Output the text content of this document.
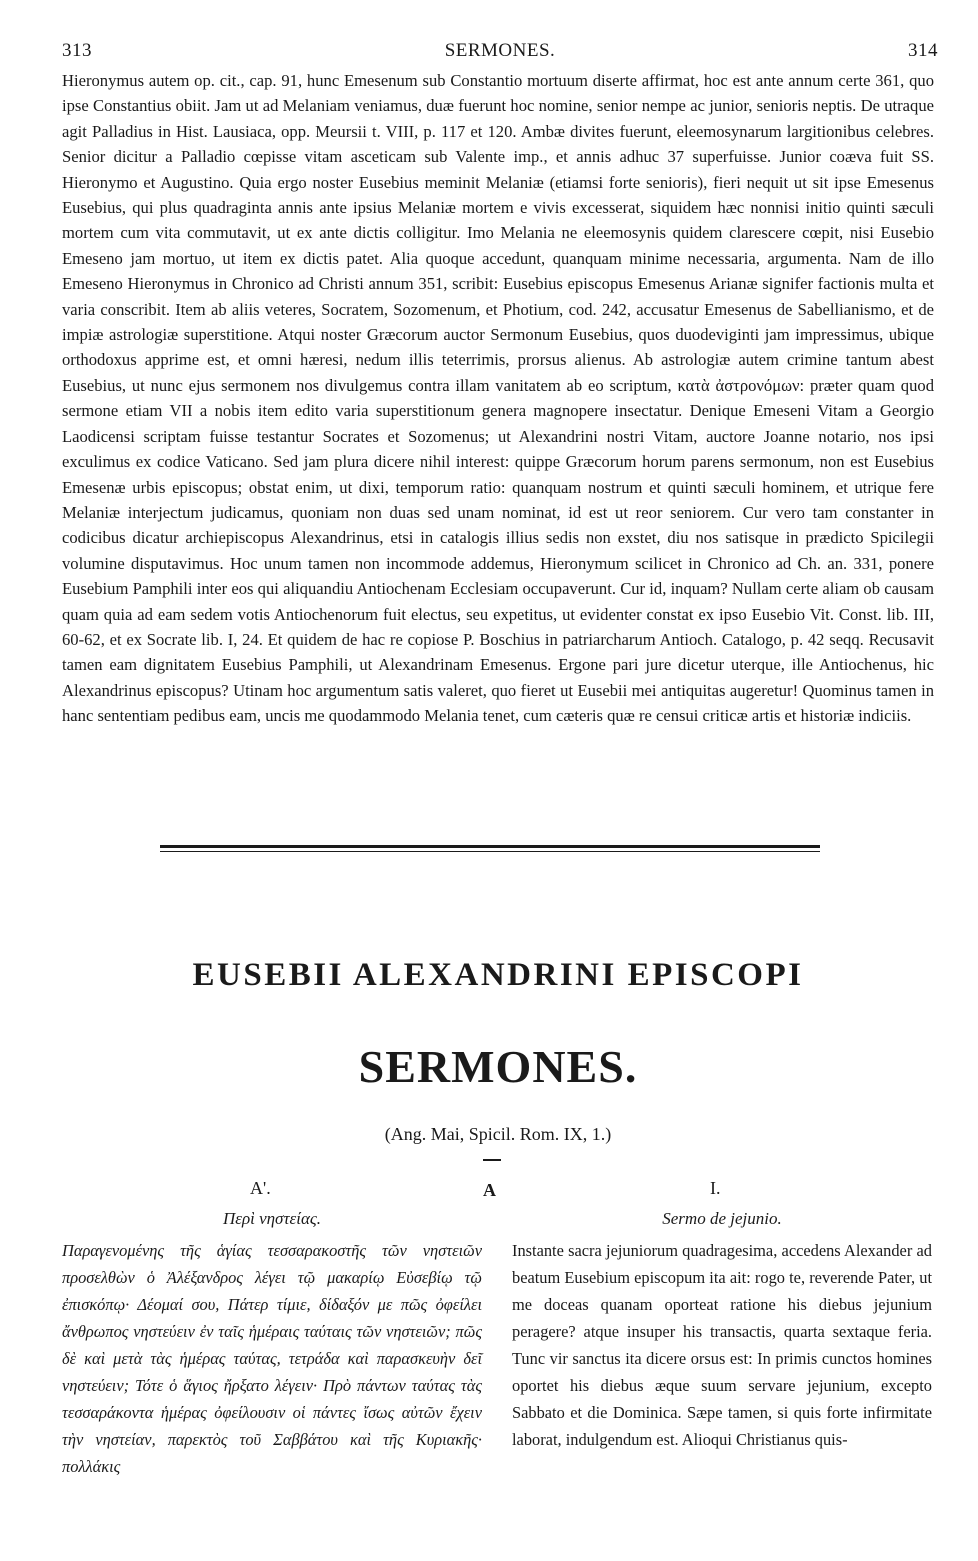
313	SERMONES.	314

Hieronymus autem op. cit., cap. 91, hunc Emesenum sub Constantio mortuum diserte affirmat, hoc est ante annum certe 361, quo ipse Constantius obiit. Jam ut ad Melaniam veniamus, duæ fuerunt hoc nomine, senior nempe ac junior, senioris neptis. De utraque agit Palladius in Hist. Lausiaca, opp. Meursii t. VIII, p. 117 et 120. Ambæ divites fuerunt, eleemosynarum largitionibus celebres. Senior dicitur a Palladio cœpisse vitam asceticam sub Valente imp., et annis adhuc 37 superfuisse. Junior coæva fuit SS. Hieronymo et Augustino. Quia ergo noster Eusebius meminit Melaniæ (etiamsi forte senioris), fieri nequit ut sit ipse Emesenus Eusebius, qui plus quadraginta annis ante ipsius Melaniæ mortem e vivis excesserat, siquidem hæc nonnisi initio quinti sæculi mortem cum vita commutavit, ut ex ante dictis colligitur. Imo Melania ne eleemosynis quidem clarescere cœpit, nisi Eusebio Emeseno jam mortuo, ut item ex dictis patet. Alia quoque accedunt, quanquam minime necessaria, argumenta. Nam de illo Emeseno Hieronymus in Chronico ad Christi annum 351, scribit: Eusebius episcopus Emesenus Arianæ signifer factionis multa et varia conscribit. Item ab aliis veteres, Socratem, Sozomenum, et Photium, cod. 242, accusatur Emesenus de Sabellianismo, et de impiæ astrologiæ superstitione. Atqui noster Græcorum auctor Sermonum Eusebius, quos duodeviginti jam impressimus, ubique orthodoxus apprime est, et omni hæresi, nedum illis teterrimis, prorsus alienus. Ab astrologiæ autem crimine tantum abest Eusebius, ut nunc ejus sermonem nos divulgemus contra illam vanitatem ab eo scriptum, κατὰ ἀστρονόμων: præter quam quod sermone etiam VII a nobis item edito varia superstitionum genera magnopere insectatur. Denique Emeseni Vitam a Georgio Laodicensi scriptam fuisse testantur Socrates et Sozomenus; ut Alexandrini nostri Vitam, auctore Joanne notario, nos ipsi exculimus ex codice Vaticano. Sed jam plura dicere nihil interest: quippe Græcorum horum parens sermonum, non est Eusebius Emesenæ urbis episcopus; obstat enim, ut dixi, temporum ratio: quanquam nostrum et quinti sæculi hominem, et utrique fere Melaniæ interjectum judicamus, quoniam non duas sed unam nominat, id est ut reor seniorem. Cur vero tam constanter in codicibus dicatur archiepiscopus Alexandrinus, etsi in catalogis illius sedis non exstet, diu nos satisque in prædicto Spicilegii volumine disputavimus. Hoc unum tamen non incommode addemus, Hieronymum scilicet in Chronico ad Ch. an. 331, ponere Eusebium Pamphili inter eos qui aliquandiu Antiochenam Ecclesiam occupaverunt. Cur id, inquam? Nullam certe aliam ob causam quam quia ad eam sedem votis Antiochenorum fuit electus, seu expetitus, ut evidenter constat ex ipso Eusebio Vit. Const. lib. III, 60-62, et ex Socrate lib. I, 24. Et quidem de hac re copiose P. Boschius in patriarcharum Antioch. Catalogo, p. 42 seqq. Recusavit tamen eam dignitatem Eusebius Pamphili, ut Alexandrinam Emesenus. Ergone pari jure dicetur uterque, ille Antiochenus, hic Alexandrinus episcopus? Utinam hoc argumentum satis valeret, quo fieret ut Eusebii mei antiquitas augeretur! Quominus tamen in hanc sententiam pedibus eam, uncis me quodammodo Melania tenet, cum cæteris quæ re censui criticæ artis et historiæ indiciis.

EUSEBII ALEXANDRINI EPISCOPI
SERMONES.
(Ang. Mai, Spicil. Rom. IX, 1.)
Α'.	A	I.
Περὶ νηστείας.	Sermo de jejunio.

Παραγενομένης τῆς ἁγίας τεσσαρακοστῆς τῶν νηστειῶν προσελθὼν ὁ Ἀλέξανδρος λέγει τῷ μακαρίῳ Εὐσεβίῳ τῷ ἐπισκόπῳ· Δέομαί σου, Πάτερ τίμιε, δίδαξόν με πῶς ὀφείλει ἄνθρωπος νηστεύειν ἐν ταῖς ἡμέραις ταύταις τῶν νηστειῶν; πῶς δὲ καὶ μετὰ τὰς ἡμέρας ταύτας, τετράδα καὶ παρασκευὴν δεῖ νηστεύειν; Τότε ὁ ἅγιος ἤρξατο λέγειν· Πρὸ πάντων ταύτας τὰς τεσσαράκοντα ἡμέρας ὀφείλουσιν οἱ πάντες ἴσως αὐτῶν ἔχειν τὴν νηστείαν, παρεκτὸς τοῦ Σαββάτου καὶ τῆς Κυριακῆς· πολλάκις

Instante sacra jejuniorum quadragesima, accedens Alexander ad beatum Eusebium episcopum ita ait: rogo te, reverende Pater, ut me doceas quanam oporteat ratione his diebus jejunium peragere? atque insuper his transactis, quarta sextaque feria. Tunc vir sanctus ita dicere orsus est: In primis cunctos homines oportet his diebus æque suum servare jejunium, excepto Sabbato et die Dominica. Sæpe tamen, si quis forte infirmitate laborat, indulgendum est. Alioqui Christianus quis-
